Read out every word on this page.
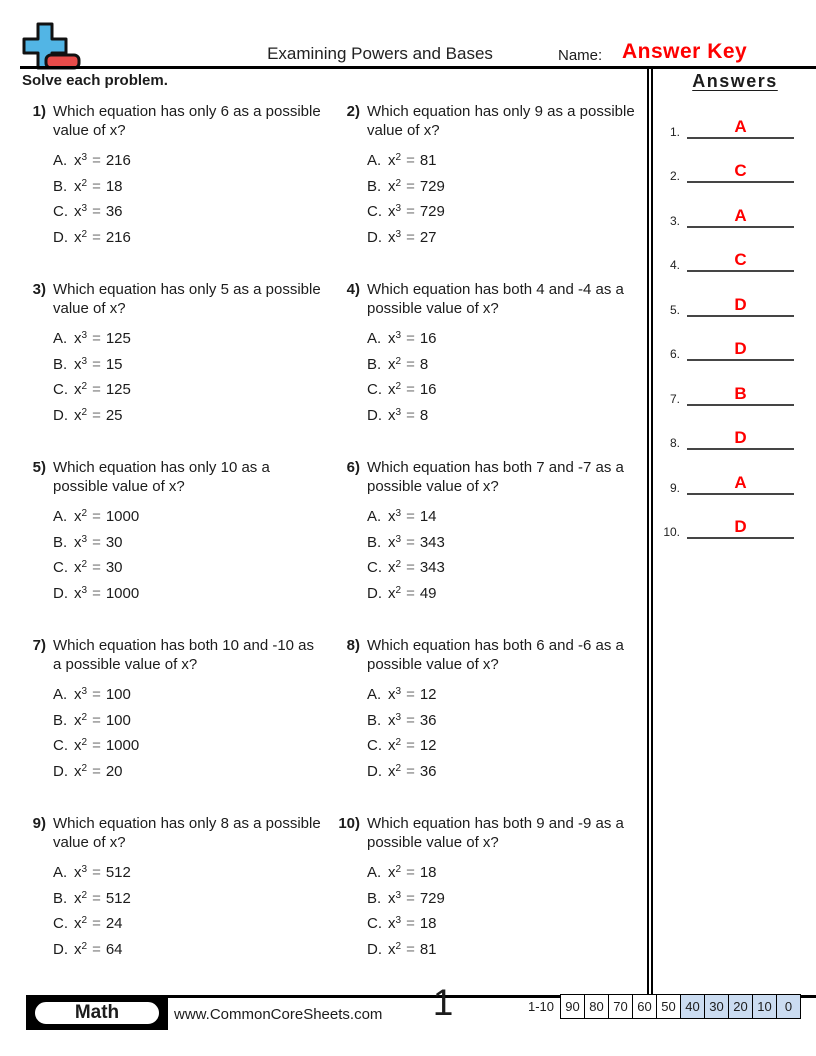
Examining Powers and Bases	Name: Answer Key
Solve each problem.	Answers
1.	A
2.	C
3.	A
4.	C
5.	D
6.	D
7.	B
8.	D
9.	A
10.	D
1) Which equation has only 6 as a possible value of x?
A. $x^3 = 216$
B. $x^2 = 18$
C. $x^3 = 36$
D. $x^2 = 216$
2) Which equation has only 9 as a possible value of x?
A. $x^2 = 81$
B. $x^2 = 729$
C. $x^3 = 729$
D. $x^3 = 27$
3) Which equation has only 5 as a possible value of x?
A. $x^3 = 125$
B. $x^3 = 15$
C. $x^2 = 125$
D. $x^2 = 25$
4) Which equation has both 4 and -4 as a possible value of x?
A. $x^3 = 16$
B. $x^2 = 8$
C. $x^2 = 16$
D. $x^3 = 8$
5) Which equation has only 10 as a possible value of x?
A. $x^2 = 1000$
B. $x^3 = 30$
C. $x^2 = 30$
D. $x^3 = 1000$
6) Which equation has both 7 and -7 as a possible value of x?
A. $x^3 = 14$
B. $x^3 = 343$
C. $x^2 = 343$
D. $x^2 = 49$
7) Which equation has both 10 and -10 as a possible value of x?
A. $x^3 = 100$
B. $x^2 = 100$
C. $x^2 = 1000$
D. $x^2 = 20$
8) Which equation has both 6 and -6 as a possible value of x?
A. $x^3 = 12$
B. $x^3 = 36$
C. $x^2 = 12$
D. $x^2 = 36$
9) Which equation has only 8 as a possible value of x?
A. $x^3 = 512$
B. $x^2 = 512$
C. $x^2 = 24$
D. $x^2 = 64$
10) Which equation has both 9 and -9 as a possible value of x?
A. $x^2 = 18$
B. $x^3 = 729$
C. $x^3 = 18$
D. $x^2 = 81$
Math	www.CommonCoreSheets.com	1	1-10 90 80 70 60 50 40 30 20 10	0
